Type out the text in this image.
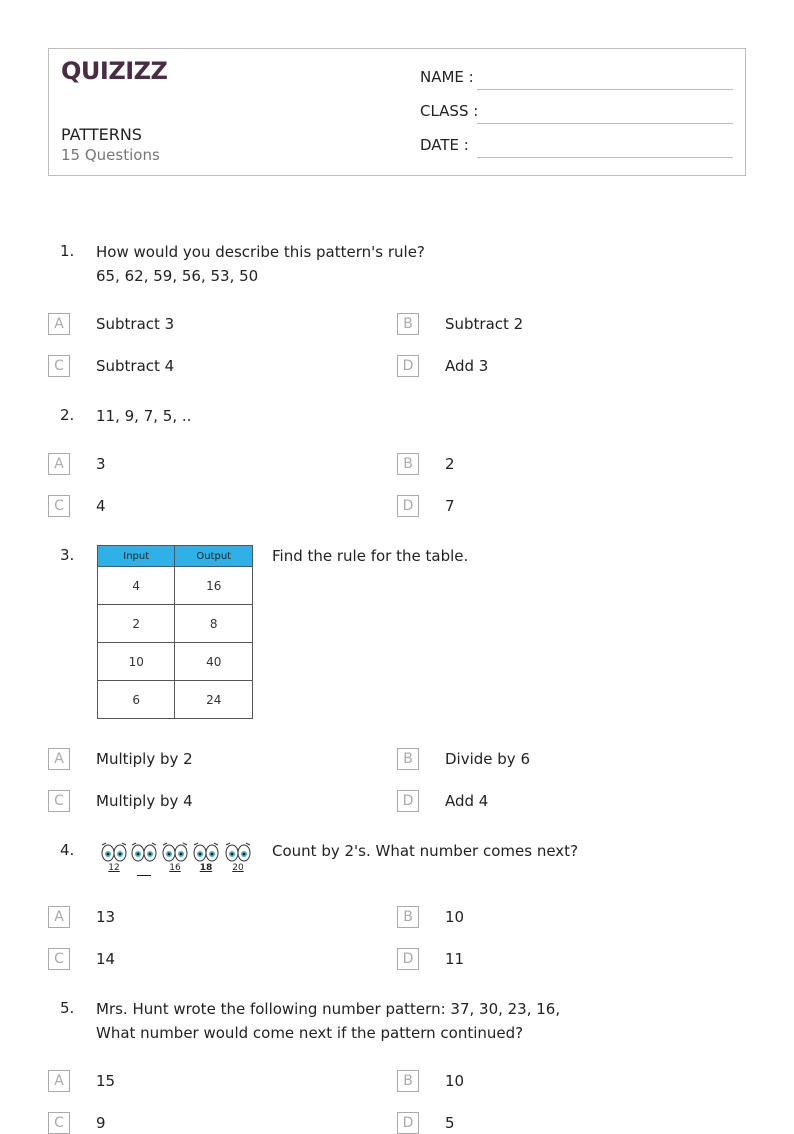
QUIZIZZ
PATTERNS
15 Questions
NAME :
CLASS :
DATE :
1. How would you describe this pattern's rule?
65, 62, 59, 56, 53, 50
A	Subtract 3	B	Subtract 2
C	Subtract 4	D	Add 3
2. 11, 9, 7, 5, ..
A	3	B	2
C	4	D	7
3.	Input	Output
4	16
2	8
10	40
6	24
Find the rule for the table.
A	Multiply by 2	B	Divide by 6
C	Multiply by 4	D	Add 4
4.
12	16	18	20
Count by 2's. What number comes next?
A	13	B	10
C	14	D	11
5. Mrs. Hunt wrote the following number pattern: 37, 30, 23, 16,
What number would come next if the pattern continued?
A	15	B	10
C	9	D	5
